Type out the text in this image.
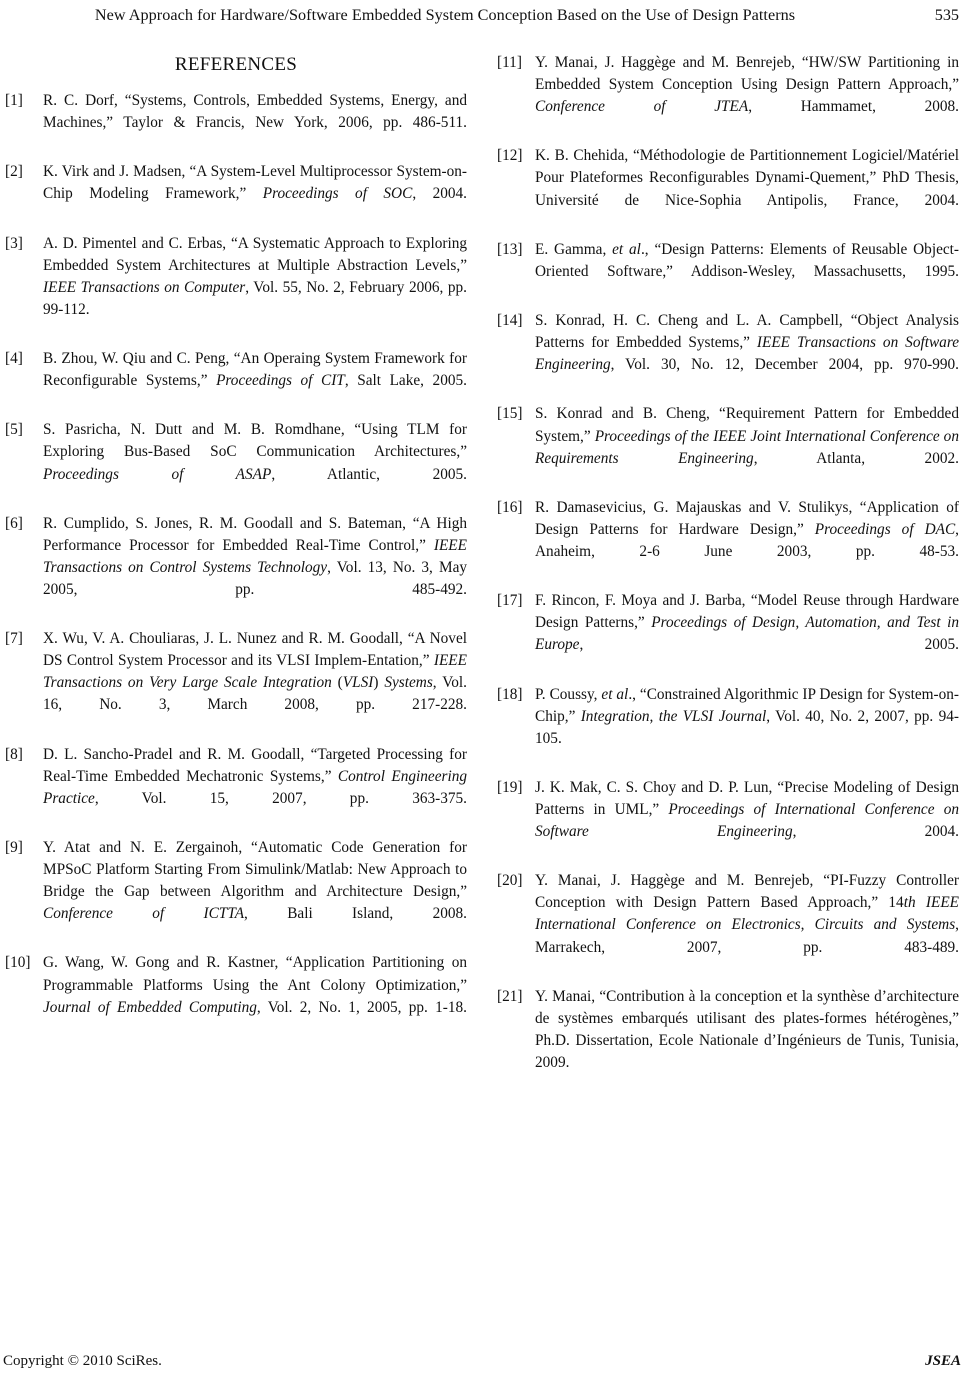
New Approach for Hardware/Software Embedded System Conception Based on the Use of Design Patterns	535
REFERENCES
[1]	R. C. Dorf, “Systems, Controls, Embedded Systems, Energy, and Machines,” Taylor & Francis, New York, 2006, pp. 486-511.
[2]	K. Virk and J. Madsen, “A System-Level Multiprocessor System-on-Chip Modeling Framework,” Proceedings of SOC, 2004.
[3]	A. D. Pimentel and C. Erbas, “A Systematic Approach to Exploring Embedded System Architectures at Multiple Abstraction Levels,” IEEE Transactions on Computer, Vol. 55, No. 2, February 2006, pp. 99-112.
[4]	B. Zhou, W. Qiu and C. Peng, “An Operaing System Framework for Reconfigurable Systems,” Proceedings of CIT, Salt Lake, 2005.
[5]	S. Pasricha, N. Dutt and M. B. Romdhane, “Using TLM for Exploring Bus-Based SoC Communication Architectures,” Proceedings of ASAP, Atlantic, 2005.
[6]	R. Cumplido, S. Jones, R. M. Goodall and S. Bateman, “A High Performance Processor for Embedded Real-Time Control,” IEEE Transactions on Control Systems Technology, Vol. 13, No. 3, May 2005, pp. 485-492.
[7]	X. Wu, V. A. Chouliaras, J. L. Nunez and R. M. Goodall, “A Novel DS Control System Processor and its VLSI Implem-Entation,” IEEE Transactions on Very Large Scale Integration (VLSI) Systems, Vol. 16, No. 3, March 2008, pp. 217-228.
[8]	D. L. Sancho-Pradel and R. M. Goodall, “Targeted Processing for Real-Time Embedded Mechatronic Systems,” Control Engineering Practice, Vol. 15, 2007, pp. 363-375.
[9]	Y. Atat and N. E. Zergainoh, “Automatic Code Generation for MPSoC Platform Starting From Simulink/Matlab: New Approach to Bridge the Gap between Algorithm and Architecture Design,” Conference of ICTTA, Bali Island, 2008.
[10] G. Wang, W. Gong and R. Kastner, “Application Partitioning on Programmable Platforms Using the Ant Colony Optimization,” Journal of Embedded Computing, Vol. 2, No. 1, 2005, pp. 1-18.
[11] Y. Manai, J. Haggège and M. Benrejeb, “HW/SW Partitioning in Embedded System Conception Using Design Pattern Approach,” Conference of JTEA, Hammamet, 2008.
[12] K. B. Chehida, “Méthodologie de Partitionnement Logiciel/Matériel Pour Plateformes Reconfigurables Dynami-Quement,” PhD Thesis, Université de Nice-Sophia Antipolis, France, 2004.
[13] E. Gamma, et al., “Design Patterns: Elements of Reusable Object-Oriented Software,” Addison-Wesley, Massachusetts, 1995.
[14] S. Konrad, H. C. Cheng and L. A. Campbell, “Object Analysis Patterns for Embedded Systems,” IEEE Transactions on Software Engineering, Vol. 30, No. 12, December 2004, pp. 970-990.
[15] S. Konrad and B. Cheng, “Requirement Pattern for Embedded System,” Proceedings of the IEEE Joint International Conference on Requirements Engineering, Atlanta, 2002.
[16] R. Damasevicius, G. Majauskas and V. Stulikys, “Application of Design Patterns for Hardware Design,” Proceedings of DAC, Anaheim, 2-6 June 2003, pp. 48-53.
[17] F. Rincon, F. Moya and J. Barba, “Model Reuse through Hardware Design Patterns,” Proceedings of Design, Automation, and Test in Europe, 2005.
[18] P. Coussy, et al., “Constrained Algorithmic IP Design for System-on-Chip,” Integration, the VLSI Journal, Vol. 40, No. 2, 2007, pp. 94-105.
[19] J. K. Mak, C. S. Choy and D. P. Lun, “Precise Modeling of Design Patterns in UML,” Proceedings of International Conference on Software Engineering, 2004.
[20] Y. Manai, J. Haggège and M. Benrejeb, “PI-Fuzzy Controller Conception with Design Pattern Based Approach,” 14th IEEE International Conference on Electronics, Circuits and Systems, Marrakech, 2007, pp. 483-489.
[21] Y. Manai, “Contribution à la conception et la synthèse d’architecture de systèmes embarqués utilisant des plates-formes hétérogènes,” Ph.D. Dissertation, Ecole Nationale d’Ingénieurs de Tunis, Tunisia, 2009.
Copyright © 2010 SciRes.	JSEA
